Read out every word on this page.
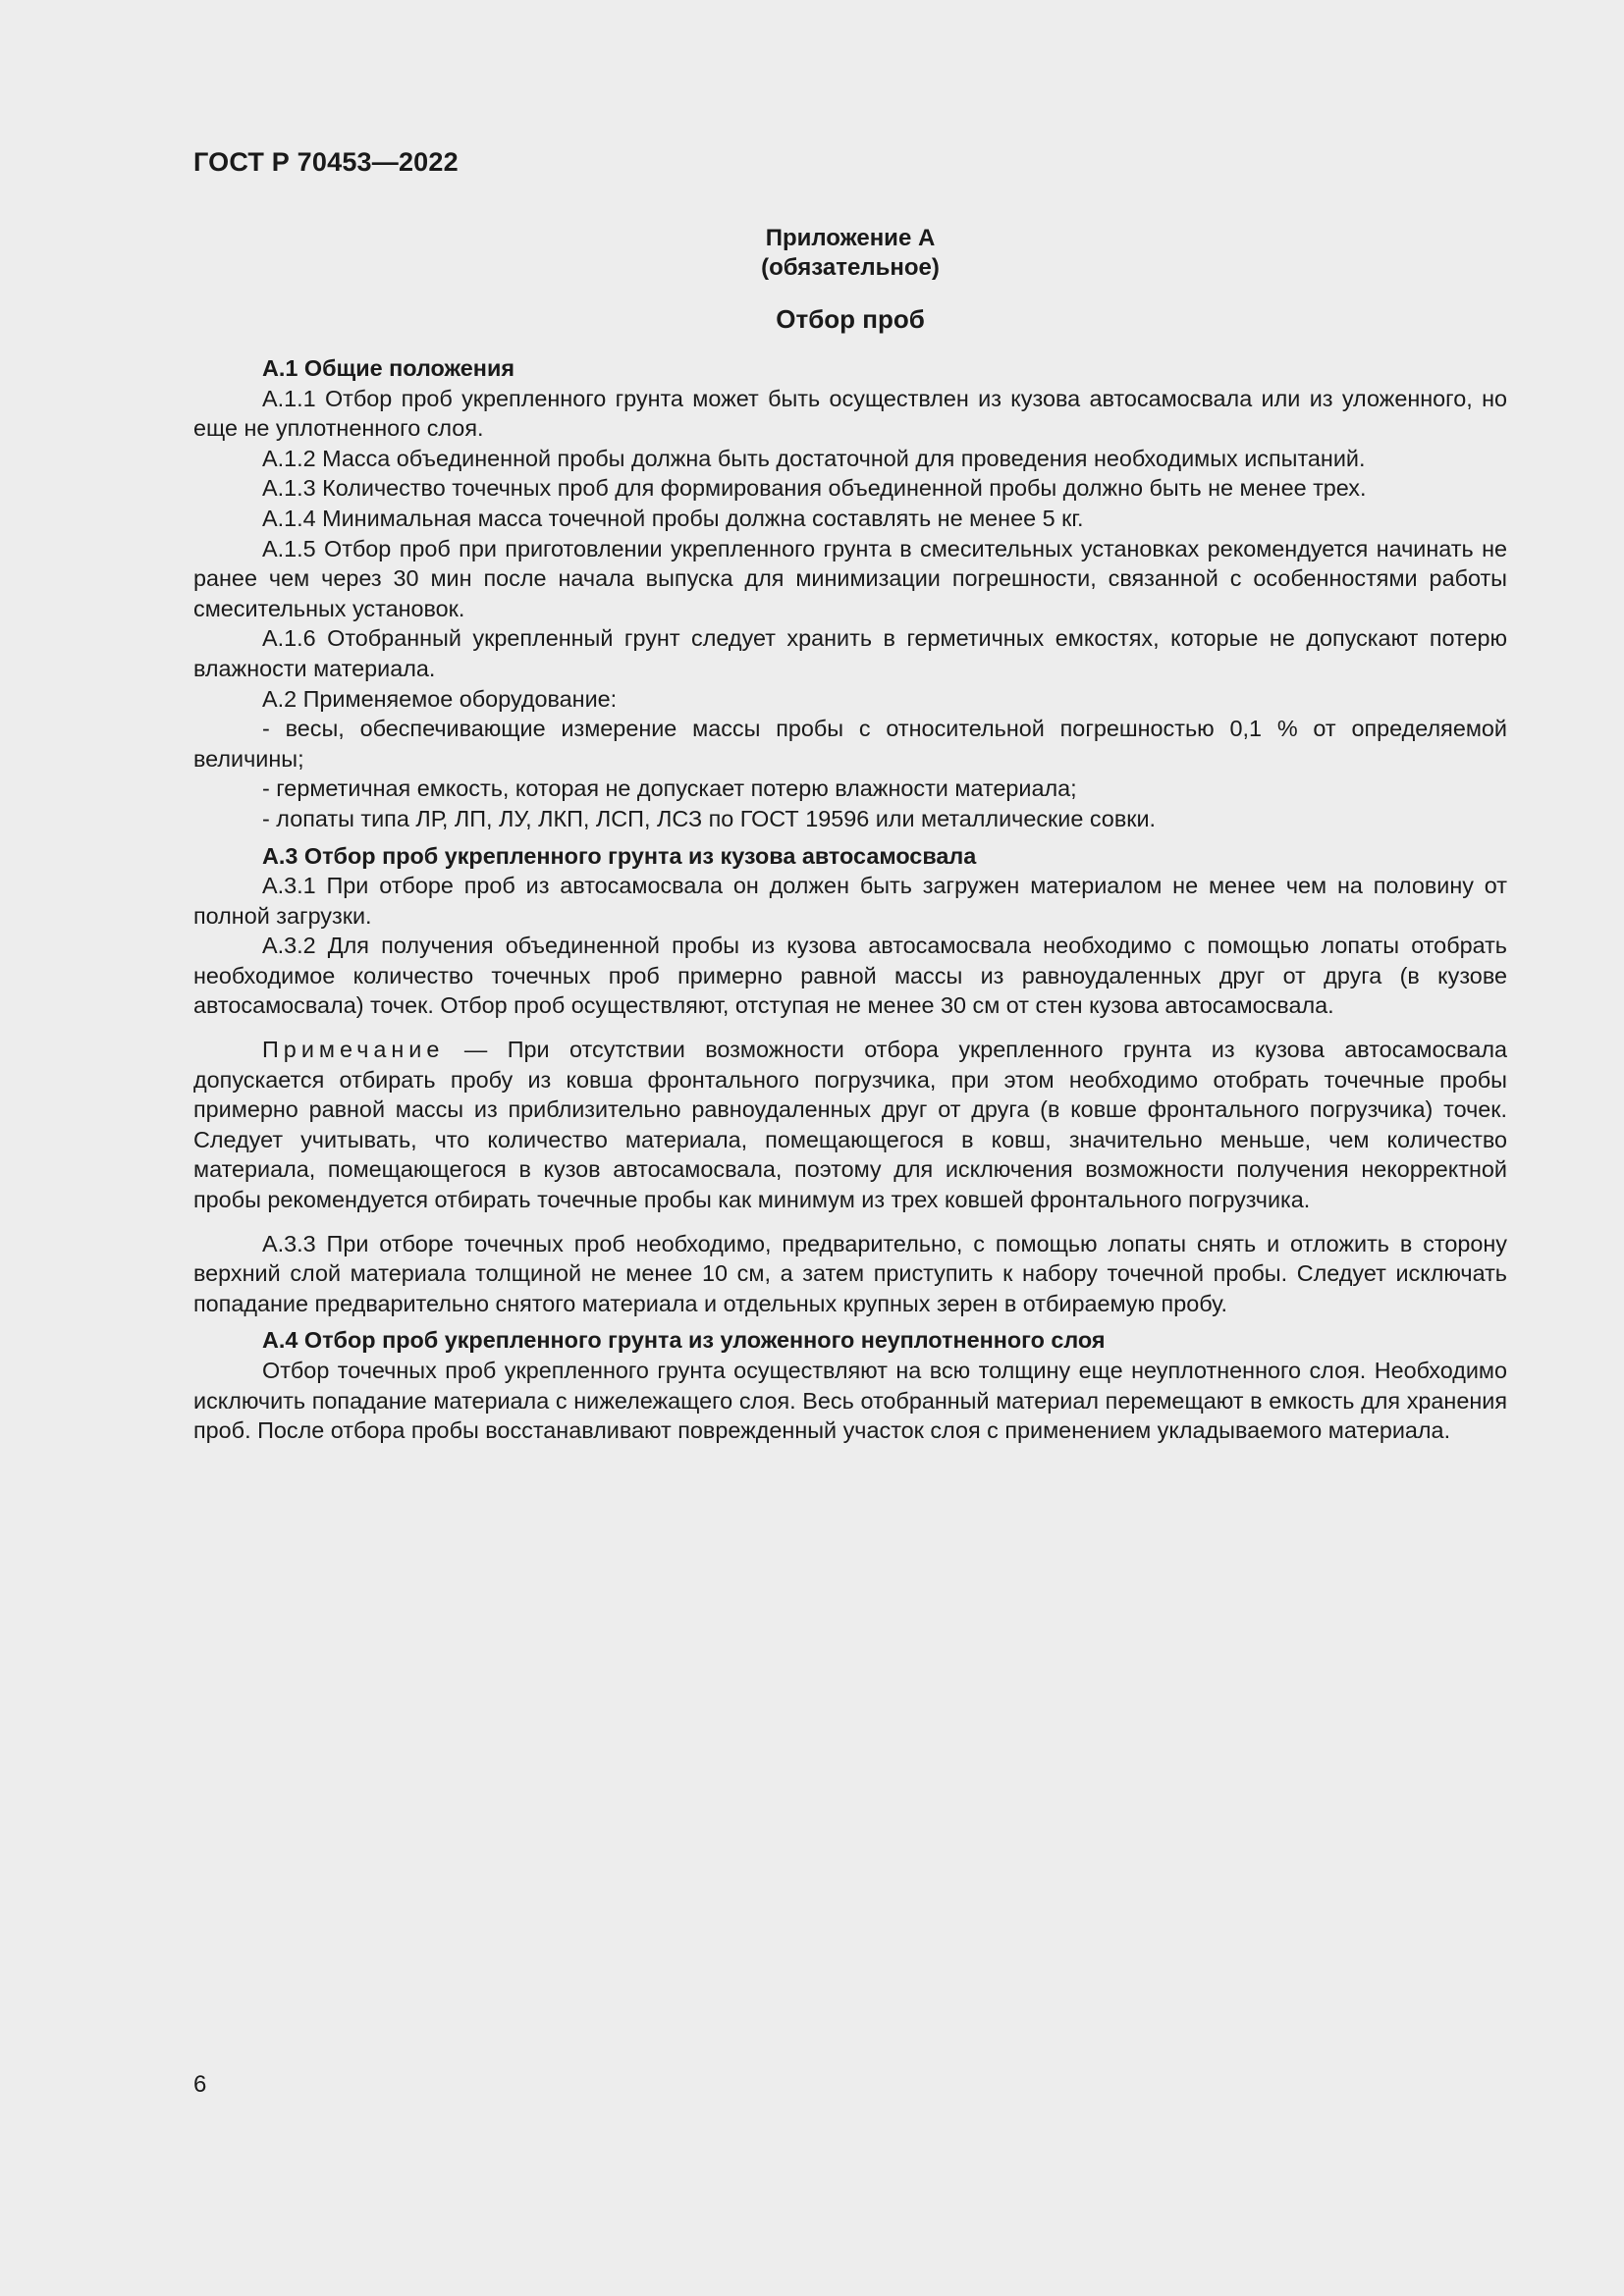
ГОСТ Р 70453—2022
Приложение А
(обязательное)
Отбор проб

А.1 Общие положения

А.1.1 Отбор проб укрепленного грунта может быть осуществлен из кузова автосамосвала или из уложенного, но еще не уплотненного слоя.

А.1.2 Масса объединенной пробы должна быть достаточной для проведения необходимых испытаний.

А.1.3 Количество точечных проб для формирования объединенной пробы должно быть не менее трех.

А.1.4 Минимальная масса точечной пробы должна составлять не менее 5 кг.

А.1.5 Отбор проб при приготовлении укрепленного грунта в смесительных установках рекомендуется начинать не ранее чем через 30 мин после начала выпуска для минимизации погрешности, связанной с особенностями работы смесительных установок.

А.1.6 Отобранный укрепленный грунт следует хранить в герметичных емкостях, которые не допускают потерю влажности материала.

А.2 Применяемое оборудование:

- весы, обеспечивающие измерение массы пробы с относительной погрешностью 0,1 % от определяемой величины;

- герметичная емкость, которая не допускает потерю влажности материала;

- лопаты типа ЛР, ЛП, ЛУ, ЛКП, ЛСП, ЛСЗ по ГОСТ 19596 или металлические совки.

А.3 Отбор проб укрепленного грунта из кузова автосамосвала

А.3.1 При отборе проб из автосамосвала он должен быть загружен материалом не менее чем на половину от полной загрузки.

А.3.2 Для получения объединенной пробы из кузова автосамосвала необходимо с помощью лопаты отобрать необходимое количество точечных проб примерно равной массы из равноудаленных друг от друга (в кузове автосамосвала) точек. Отбор проб осуществляют, отступая не менее 30 см от стен кузова автосамосвала.

Примечание — При отсутствии возможности отбора укрепленного грунта из кузова автосамосвала допускается отбирать пробу из ковша фронтального погрузчика, при этом необходимо отобрать точечные пробы примерно равной массы из приблизительно равноудаленных друг от друга (в ковше фронтального погрузчика) точек. Следует учитывать, что количество материала, помещающегося в ковш, значительно меньше, чем количество материала, помещающегося в кузов автосамосвала, поэтому для исключения возможности получения некорректной пробы рекомендуется отбирать точечные пробы как минимум из трех ковшей фронтального погрузчика.

А.3.3 При отборе точечных проб необходимо, предварительно, с помощью лопаты снять и отложить в сторону верхний слой материала толщиной не менее 10 см, а затем приступить к набору точечной пробы. Следует исключать попадание предварительно снятого материала и отдельных крупных зерен в отбираемую пробу.

А.4 Отбор проб укрепленного грунта из уложенного неуплотненного слоя

Отбор точечных проб укрепленного грунта осуществляют на всю толщину еще неуплотненного слоя. Необходимо исключить попадание материала с нижележащего слоя. Весь отобранный материал перемещают в емкость для хранения проб. После отбора пробы восстанавливают поврежденный участок слоя с применением укладываемого материала.

6
